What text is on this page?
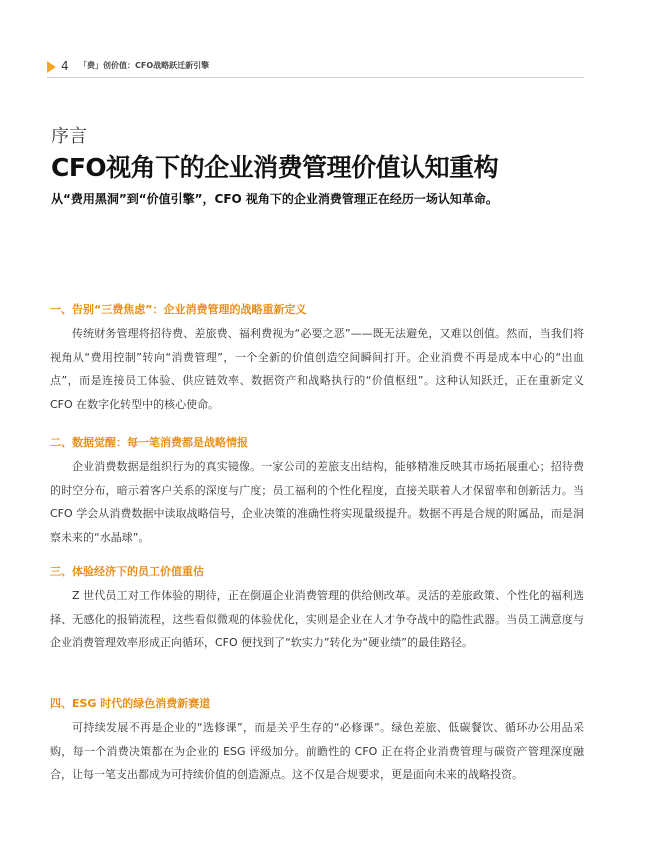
4 「费」创价值：CFO战略跃迁新引擎
序言
CFO视角下的企业消费管理价值认知重构
从“费用黑洞”到“价值引擎”，CFO 视角下的企业消费管理正在经历一场认知革命。
一、告别“三费焦虑”：企业消费管理的战略重新定义

传统财务管理将招待费、差旅费、福利费视为“必要之恶”——既无法避免，又难以创值。然而，当我们将视角从“费用控制”转向“消费管理”，一个全新的价值创造空间瞬间打开。企业消费不再是成本中心的“出血点”，而是连接员工体验、供应链效率、数据资产和战略执行的“价值枢纽”。这种认知跃迁，正在重新定义 CFO 在数字化转型中的核心使命。

二、数据觉醒：每一笔消费都是战略情报

企业消费数据是组织行为的真实镜像。一家公司的差旅支出结构，能够精准反映其市场拓展重心；招待费的时空分布，暗示着客户关系的深度与广度；员工福利的个性化程度，直接关联着人才保留率和创新活力。当 CFO 学会从消费数据中读取战略信号，企业决策的准确性将实现量级提升。数据不再是合规的附属品，而是洞察未来的“水晶球”。

三、体验经济下的员工价值重估

Z 世代员工对工作体验的期待，正在倒逼企业消费管理的供给侧改革。灵活的差旅政策、个性化的福利选择、无感化的报销流程，这些看似微观的体验优化，实则是企业在人才争夺战中的隐性武器。当员工满意度与企业消费管理效率形成正向循环，CFO 便找到了“软实力”转化为“硬业绩”的最佳路径。

四、ESG 时代的绿色消费新赛道

可持续发展不再是企业的“选修课”，而是关乎生存的“必修课”。绿色差旅、低碳餐饮、循环办公用品采购，每一个消费决策都在为企业的 ESG 评级加分。前瞻性的 CFO 正在将企业消费管理与碳资产管理深度融合，让每一笔支出都成为可持续价值的创造源点。这不仅是合规要求，更是面向未来的战略投资。
